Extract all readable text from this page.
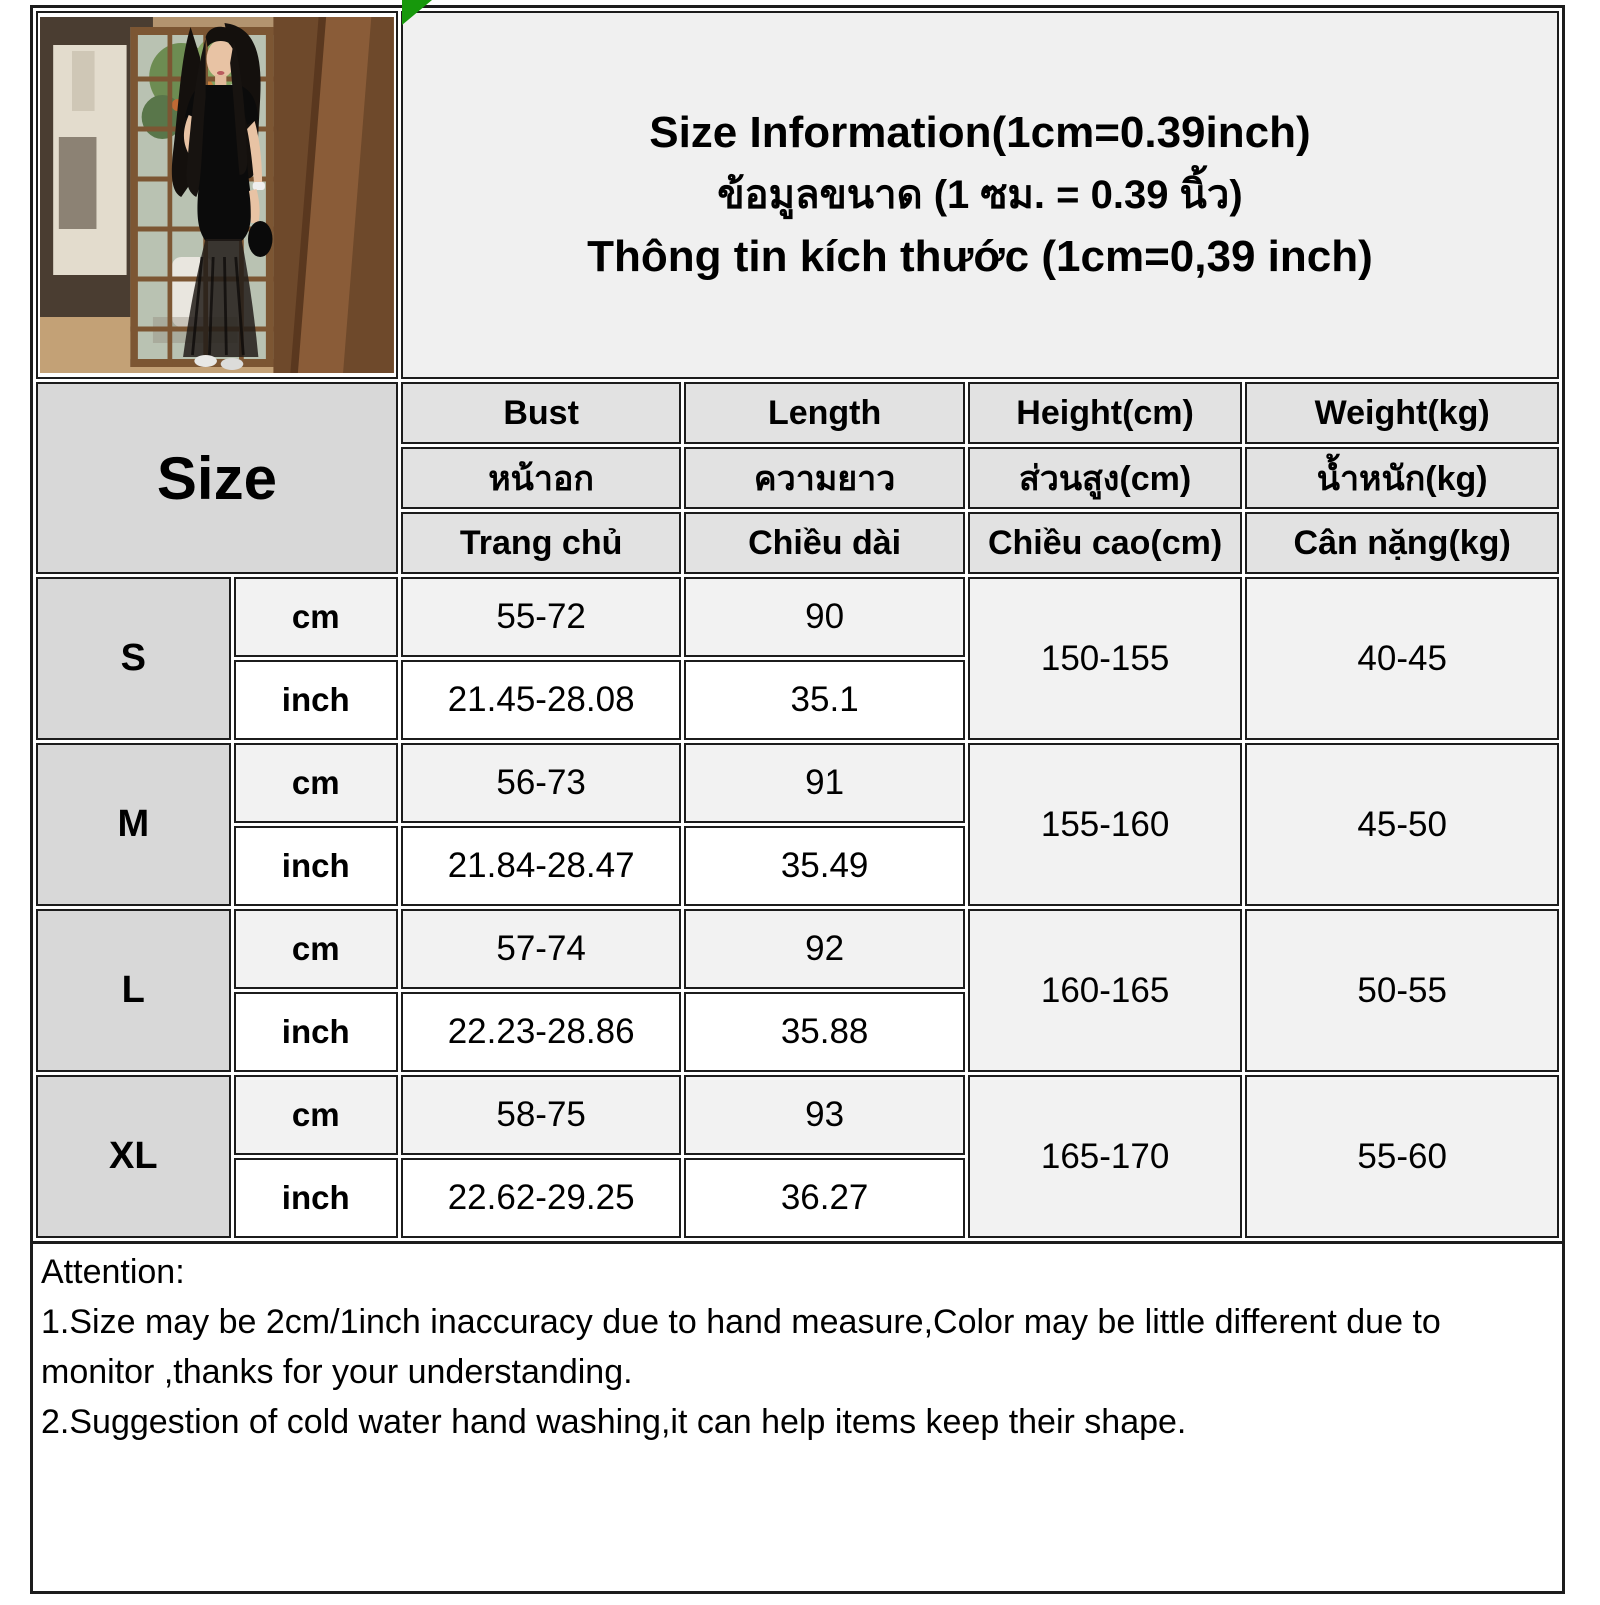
Size Information(1cm=0.39inch)
ข้อมูลขนาด (1 ซม. = 0.39 นิ้ว)
Thông tin kích thước (1cm=0,39 inch)			

Size		Bust	Length	Height(cm)	Weight(kg)
		หน้าอก	ความยาว	ส่วนสูง(cm)	น้ำหนัก(kg)
		Trang chủ	Chiều dài	Chiều cao(cm)	Cân nặng(kg)
S	cm	55-72	90	150-155	40-45
	inch	21.45-28.08	35.1		
M	cm	56-73	91	155-160	45-50
	inch	21.84-28.47	35.49		
L	cm	57-74	92	160-165	50-55
	inch	22.23-28.86	35.88		
XL	cm	58-75	93	165-170	55-60
	inch	22.62-29.25	36.27		
Attention:
1.Size may be 2cm/1inch inaccuracy due to hand measure,Color may be little different due to monitor ,thanks for your understanding.
2.Suggestion of cold water hand washing,it can help items keep their shape.
